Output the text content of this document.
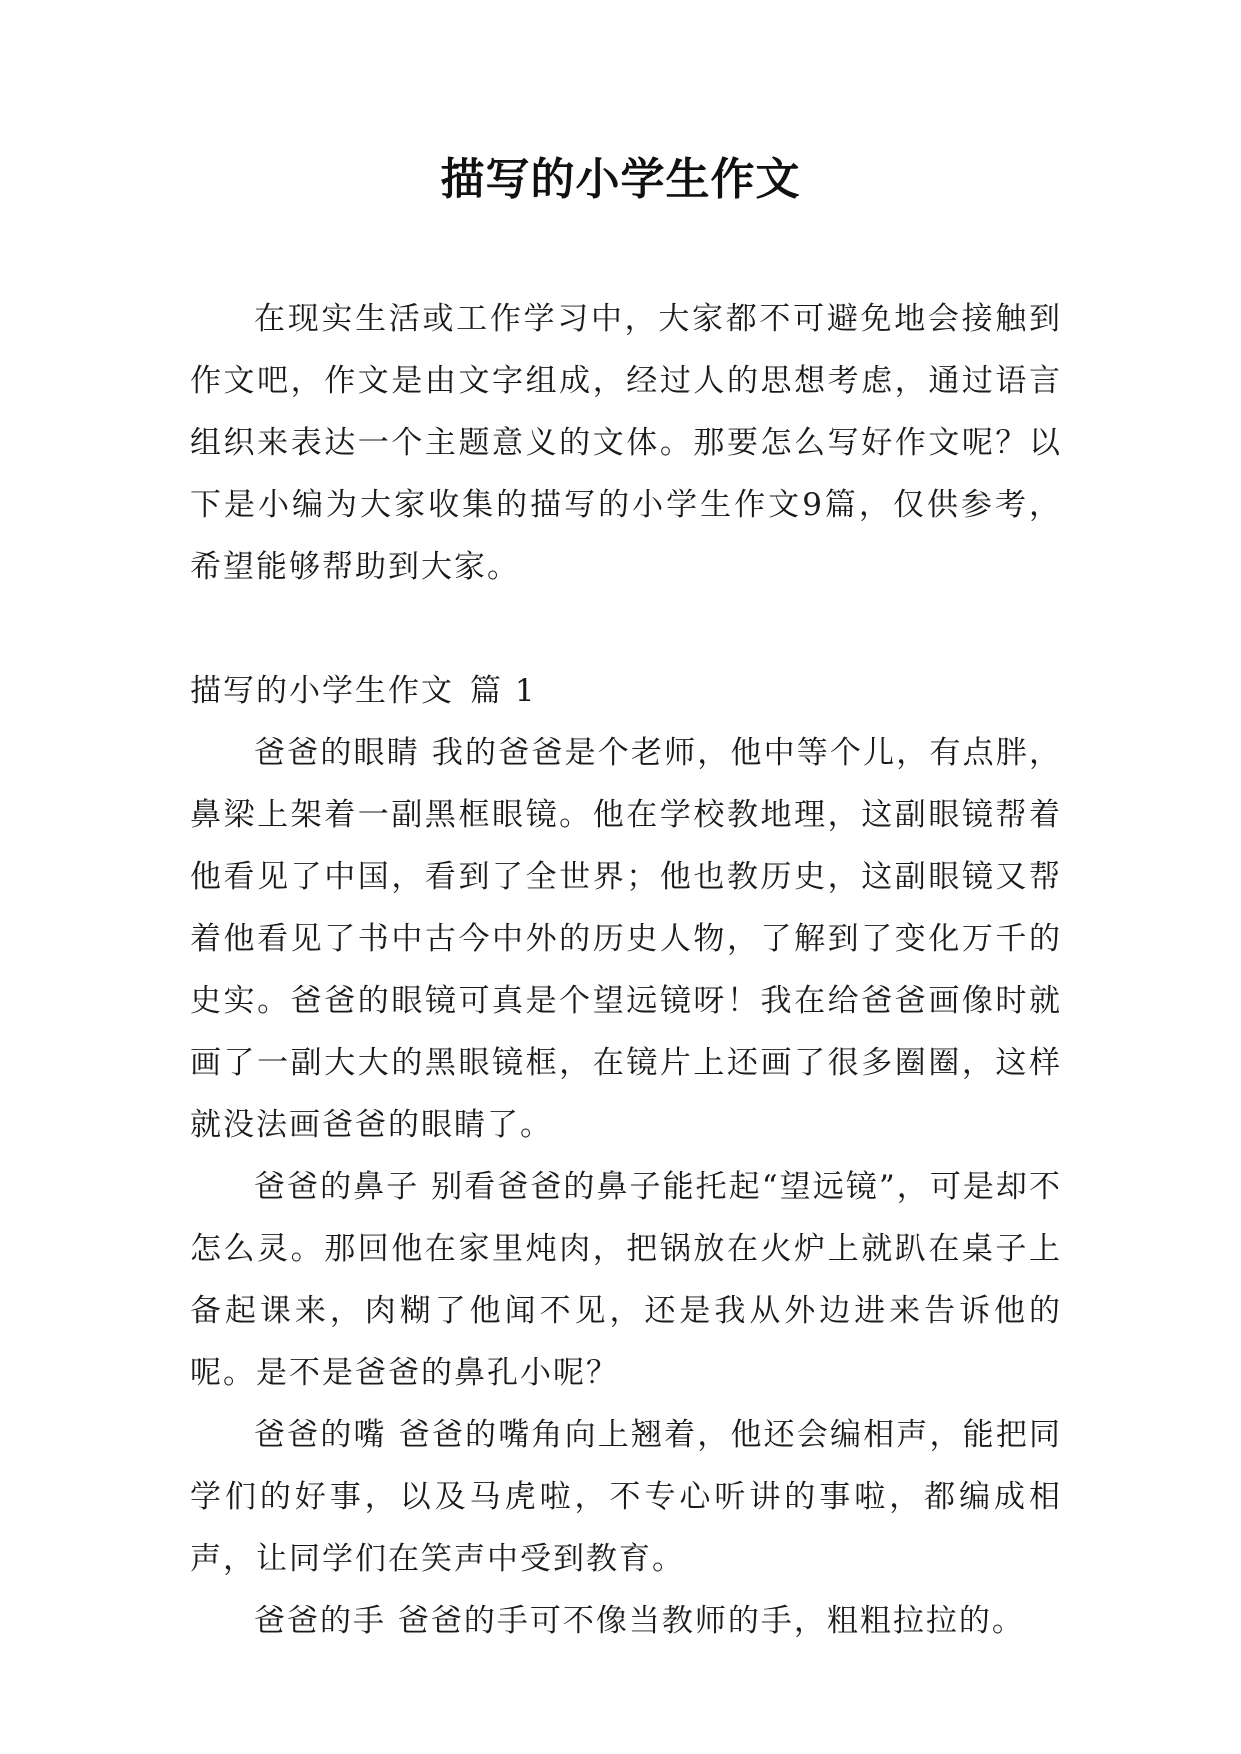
描写的小学生作文

在现实生活或工作学习中，大家都不可避免地会接触到作文吧，作文是由文字组成，经过人的思想考虑，通过语言组织来表达一个主题意义的文体。那要怎么写好作文呢？以下是小编为大家收集的描写的小学生作文9篇，仅供参考，希望能够帮助到大家。

描写的小学生作文 篇 1

爸爸的眼睛 我的爸爸是个老师，他中等个儿，有点胖，鼻梁上架着一副黑框眼镜。他在学校教地理，这副眼镜帮着他看见了中国，看到了全世界；他也教历史，这副眼镜又帮着他看见了书中古今中外的历史人物，了解到了变化万千的史实。爸爸的眼镜可真是个望远镜呀！我在给爸爸画像时就画了一副大大的黑眼镜框，在镜片上还画了很多圈圈，这样就没法画爸爸的眼睛了。

爸爸的鼻子 别看爸爸的鼻子能托起“望远镜”，可是却不怎么灵。那回他在家里炖肉，把锅放在火炉上就趴在桌子上备起课来，肉糊了他闻不见，还是我从外边进来告诉他的呢。是不是爸爸的鼻孔小呢？

爸爸的嘴 爸爸的嘴角向上翘着，他还会编相声，能把同学们的好事，以及马虎啦，不专心听讲的事啦，都编成相声，让同学们在笑声中受到教育。

爸爸的手 爸爸的手可不像当教师的手，粗粗拉拉的。
